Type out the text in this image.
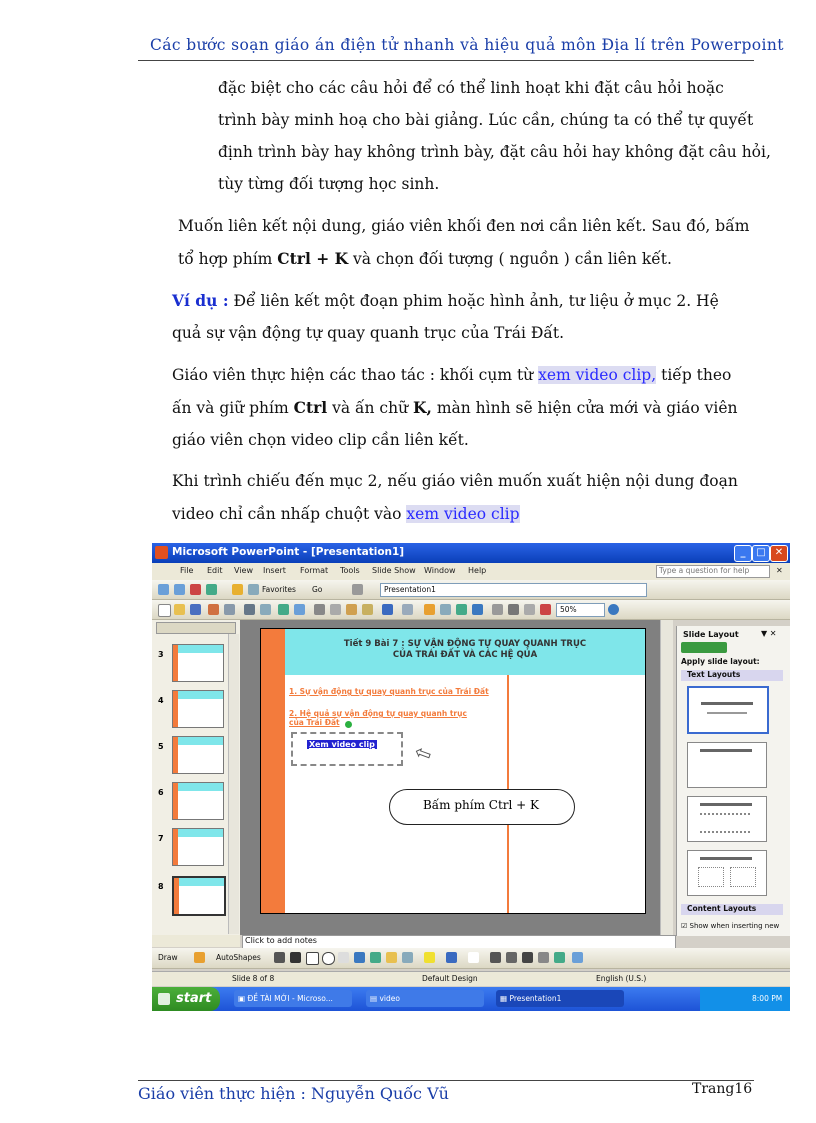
Các bước soạn giáo án điện tử nhanh và hiệu quả môn Địa lí trên Powerpoint
đặc biệt cho các câu hỏi để có thể linh hoạt khi đặt câu hỏi hoặc
trình bày minh hoạ cho bài giảng. Lúc cần, chúng ta có thể tự quyết
định trình bày hay không trình bày, đặt câu hỏi hay không đặt câu hỏi,
tùy từng đối tượng học sinh.
Muốn liên kết nội dung, giáo viên khối đen nơi cần liên kết. Sau đó, bấm
tổ hợp phím Ctrl + K và chọn đối tượng ( nguồn ) cần liên kết.
Ví dụ : Để liên kết một đoạn phim hoặc hình ảnh, tư liệu ở mục 2. Hệ
quả sự vận động tự quay quanh trục của Trái Đất.
Giáo viên thực hiện các thao tác : khối cụm từ xem video clip, tiếp theo
ấn và giữ phím Ctrl và ấn chữ K, màn hình sẽ hiện cửa mới và giáo viên
giáo viên chọn video clip cần liên kết.
Khi trình chiếu đến mục 2, nếu giáo viên muốn xuất hiện nội dung đoạn
video chỉ cần nhấp chuột vào xem video clip
Microsoft PowerPoint - [Presentation1]	_	□ ✕
File Edit View Insert Format Tools Slide Show Window Help	Type a question for help	✕
Favorites Go	Presentation1
50%
3
4
5
6
7
8
Tiết 9 Bài 7 : SỰ VẬN ĐỘNG TỰ QUAY QUANH TRỤC
CỦA TRÁI ĐẤT VÀ CÁC HỆ QỦA
1. Sự vận động tự quay quanh trục của Trái Đất
2. Hệ quả sự vận động tự quay quanh trục
của Trái Đất
Xem video clip ⇦
Bấm phím Ctrl + K
Slide Layout	▼ ✕
Apply slide layout:
Text Layouts
Content Layouts
☑ Show when inserting new
Click to add notes
Draw	AutoShapes
Slide 8 of 8	Default Design	English (U.S.)
start	▣ ĐỀ TÀI MỚI - Microso...	▤ video	▦ Presentation1	8:00 PM
Giáo viên thực hiện : Nguyễn Quốc Vũ	Trang16
